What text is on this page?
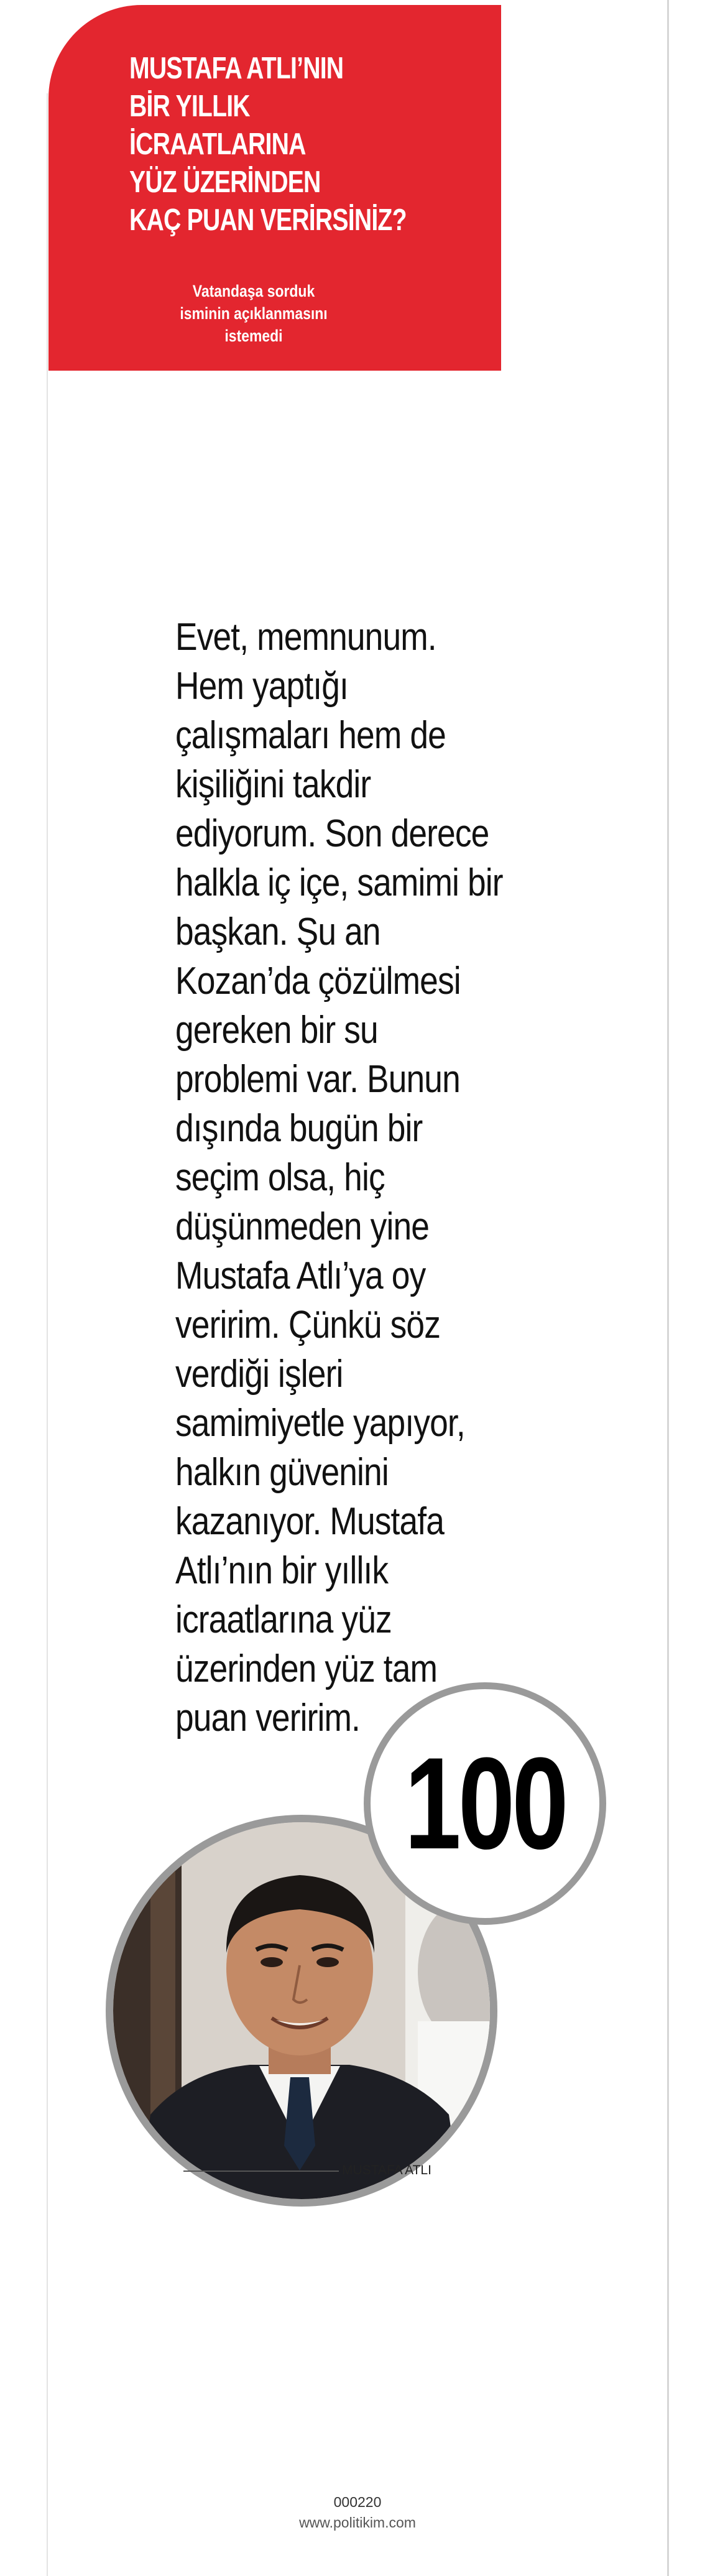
MUSTAFA ATLI’NIN
BİR YILLIK İCRAATLARINA
YÜZ ÜZERİNDEN
KAÇ PUAN VERİRSİNİZ?
Vatandaşa sorduk
isminin açıklanmasını istemedi

Evet, memnunum. Hem yaptığı çalışmaları hem de kişiliğini takdir ediyorum. Son derece halkla iç içe, samimi bir başkan. Şu an Kozan’da çözülmesi gereken bir su problemi var. Bunun dışında bugün bir seçim olsa, hiç düşünmeden yine Mustafa Atlı’ya oy veririm. Çünkü söz verdiği işleri samimiyetle yapıyor, halkın güvenini kazanıyor. Mustafa Atlı’nın bir yıllık icraatlarına yüz üzerinden yüz tam puan veririm.

100
MUSTAFA ATLI
000220
www.politikim.com
